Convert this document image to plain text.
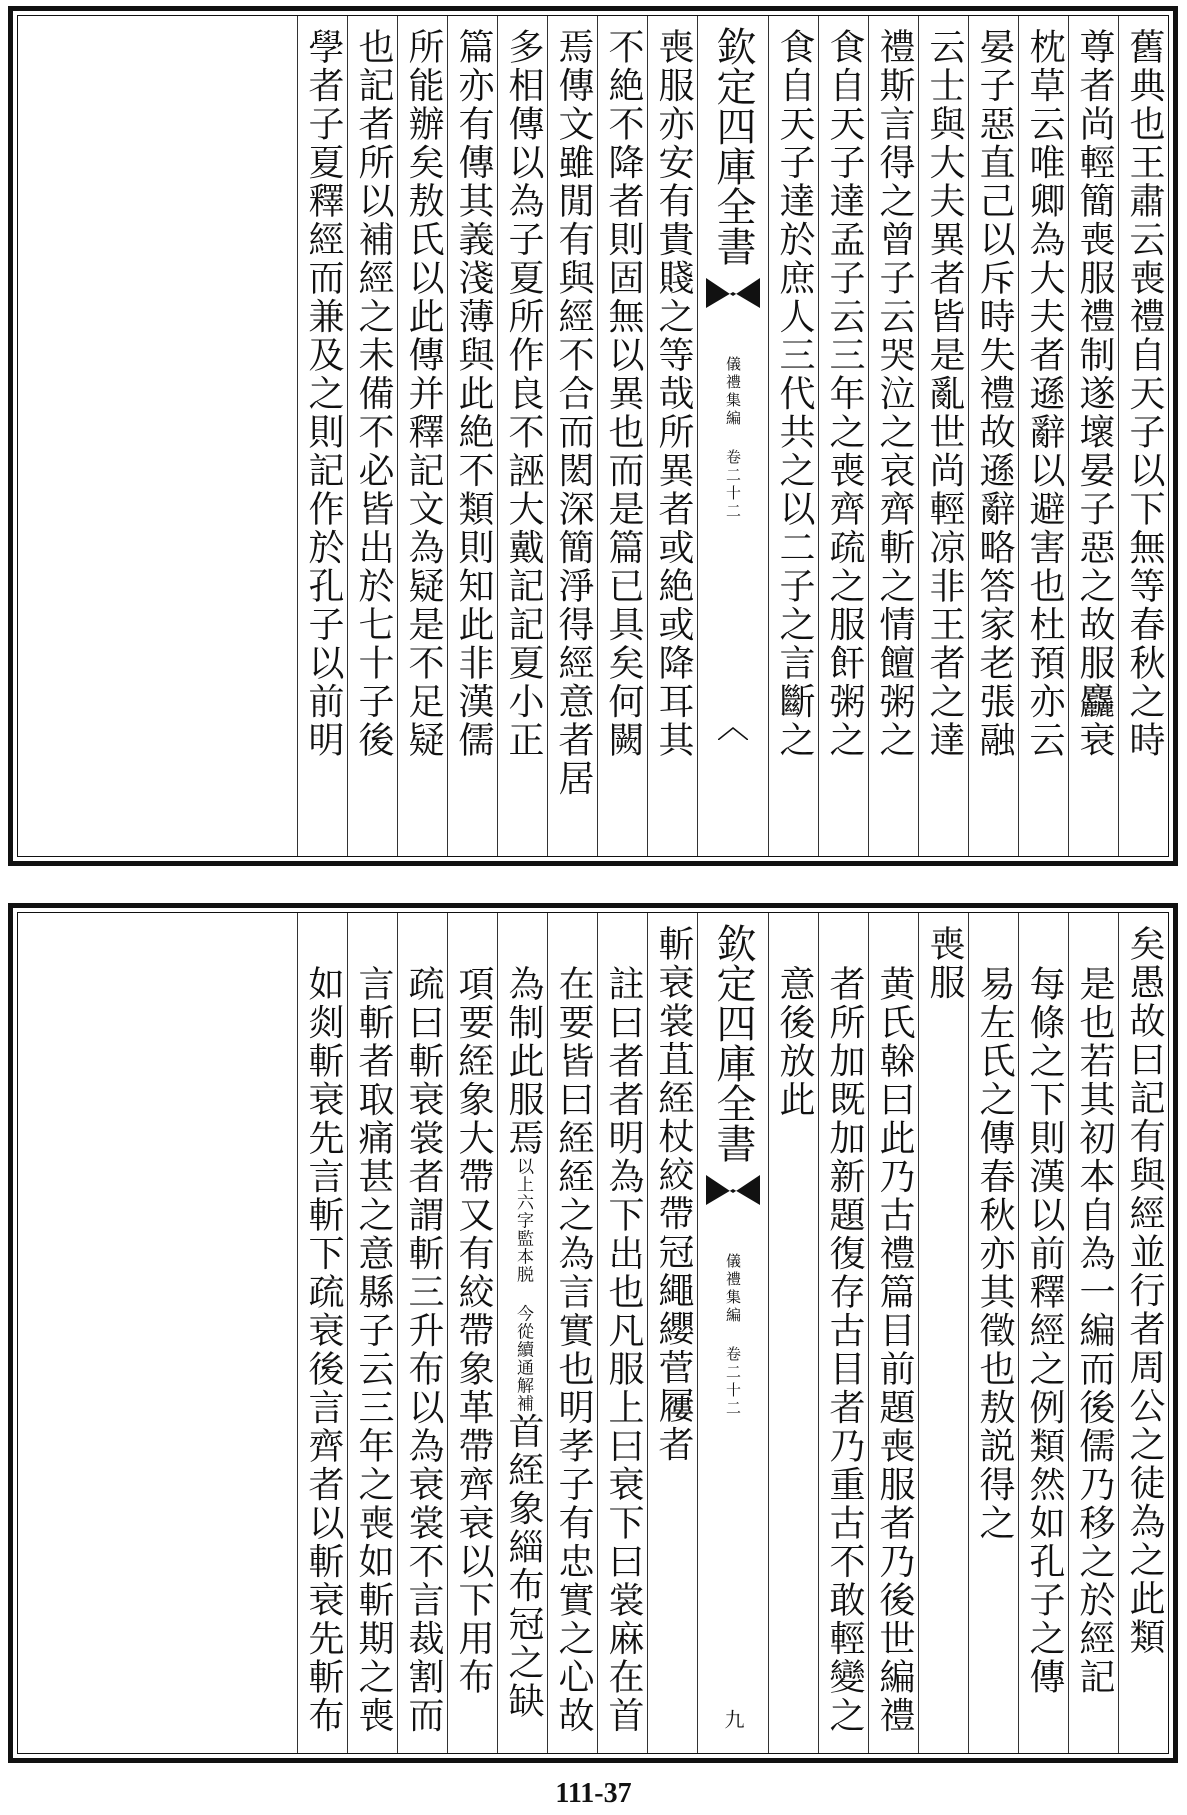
舊典也王肅云喪禮自天子以下無等春秋之時
尊者尚輕簡喪服禮制遂壞晏子惡之故服麤衰
枕草云唯卿為大夫者遜辭以避害也杜預亦云
晏子惡直己以斥時失禮故遜辭略答家老張融
云士與大夫異者皆是亂世尚輕凉非王者之達
禮斯言得之曾子云哭泣之哀齊斬之情饘粥之
食自天子達孟子云三年之喪齊疏之服飦粥之
食自天子達於庶人三代共之以二子之言斷之
欽定四庫全書
儀禮集編 卷二十二
喪服亦安有貴賤之等哉所異者或絶或降耳其
不絶不降者則固無以異也而是篇已具矣何闕
焉傳文雖閒有與經不合而閎深簡淨得經意者居
多相傳以為子夏所作良不誣大戴記記夏小正
篇亦有傳其義淺薄與此絶不類則知此非漢儒
所能辦矣敖氏以此傳并釋記文為疑是不足疑
也記者所以補經之未備不必皆出於七十子後
學者子夏釋經而兼及之則記作於孔子以前明
矣愚故曰記有與經並行者周公之徒為之此類
是也若其初本自為一編而後儒乃移之於經記
每條之下則漢以前釋經之例類然如孔子之傳
易左氏之傳春秋亦其徵也敖説得之
喪服
黄氏榦曰此乃古禮篇目前題喪服者乃後世編禮
者所加既加新題復存古目者乃重古不敢輕變之
意後放此
欽定四庫全書
儀禮集編 卷二十二
九
斬衰裳苴絰杖絞帶冠繩纓菅屨者
註曰者者明為下出也凡服上曰衰下曰裳麻在首
在要皆曰絰絰之為言實也明孝子有忠實之心故
為制此服焉以上六字監本脱 今從續通解補首絰象緇布冠之缺
項要絰象大帶又有絞帶象革帶齊衰以下用布
疏曰斬衰裳者謂斬三升布以為衰裳不言裁割而
言斬者取痛甚之意縣子云三年之喪如斬期之喪
如剡斬衰先言斬下疏衰後言齊者以斬衰先斬布
111-37
